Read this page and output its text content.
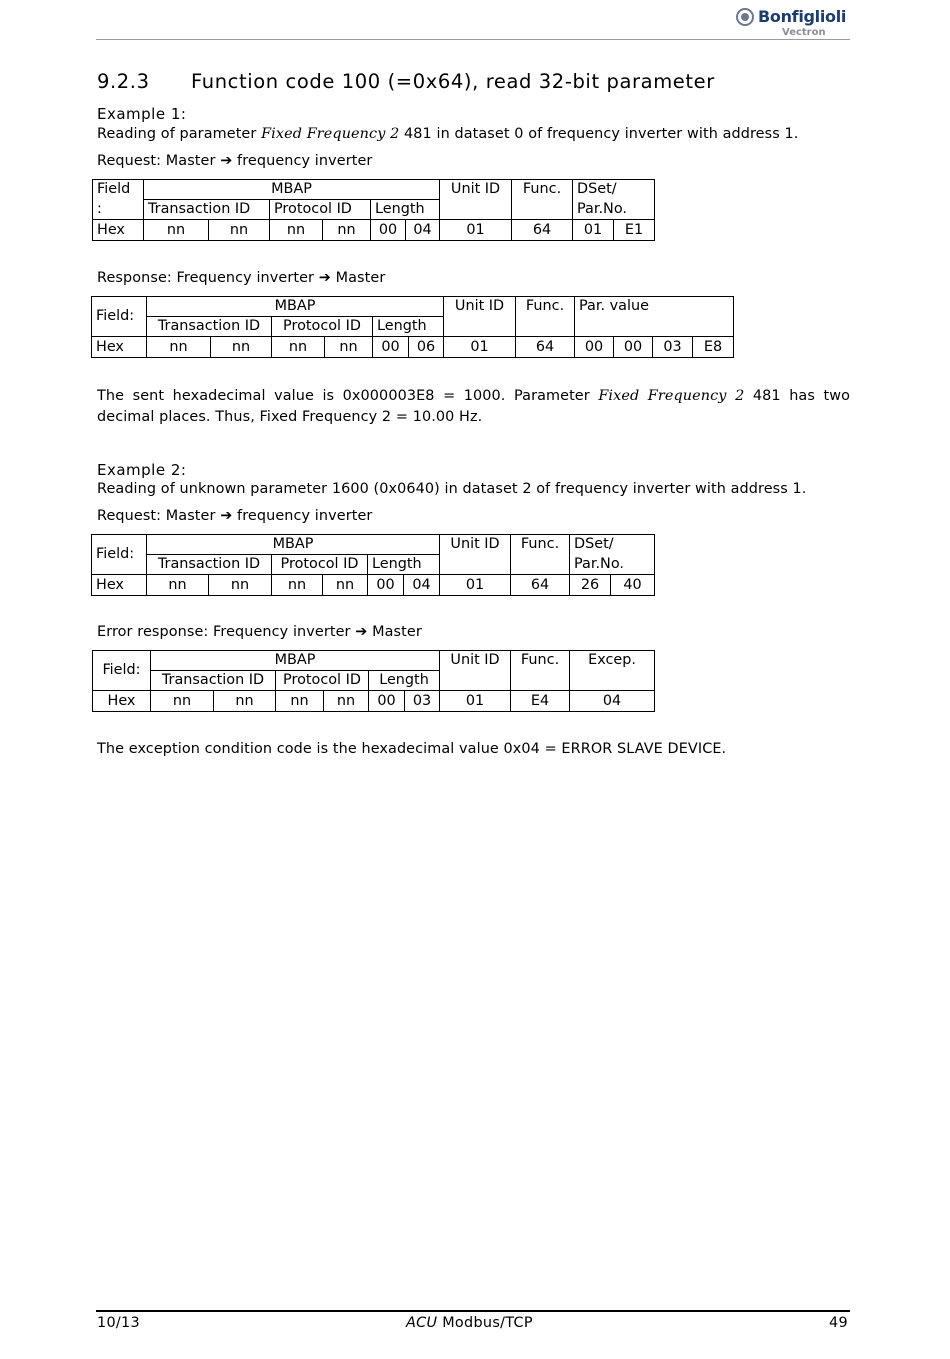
Bonfiglioli
Vectron
9.2.3 Function code 100 (=0x64), read 32-bit parameter
Example 1:
Reading of parameter Fixed Frequency 2 481 in dataset 0 of frequency inverter with address 1.
Request: Master ➔ frequency inverter
Field	MBAP						Unit ID	Func.	DSet/	
:	Transaction ID		Protocol ID		Length				Par.No.	
Hex	nn	nn	nn	nn	00	04	01	64	01	E1
Response: Frequency inverter ➔ Master
Field:	MBAP						Unit ID	Func.	Par. value			
	Transaction ID		Protocol ID		Length							
Hex	nn	nn	nn	nn	00	06	01	64	00	00	03	E8
The sent hexadecimal value is 0x000003E8 = 1000. Parameter Fixed Frequency 2 481 has two decimal places. Thus, Fixed Frequency 2 = 10.00 Hz.
Example 2:
Reading of unknown parameter 1600 (0x0640) in dataset 2 of frequency inverter with address 1.
Request: Master ➔ frequency inverter
Field:	MBAP						Unit ID	Func.	DSet/	
	Transaction ID		Protocol ID		Length				Par.No.	
Hex	nn	nn	nn	nn	00	04	01	64	26	40
Error response: Frequency inverter ➔ Master
Field:	MBAP						Unit ID	Func.	Excep.
	Transaction ID		Protocol ID		Length				
Hex	nn	nn	nn	nn	00	03	01	E4	04
The exception condition code is the hexadecimal value 0x04 = ERROR SLAVE DEVICE.
10/13	ACU Modbus/TCP	49
